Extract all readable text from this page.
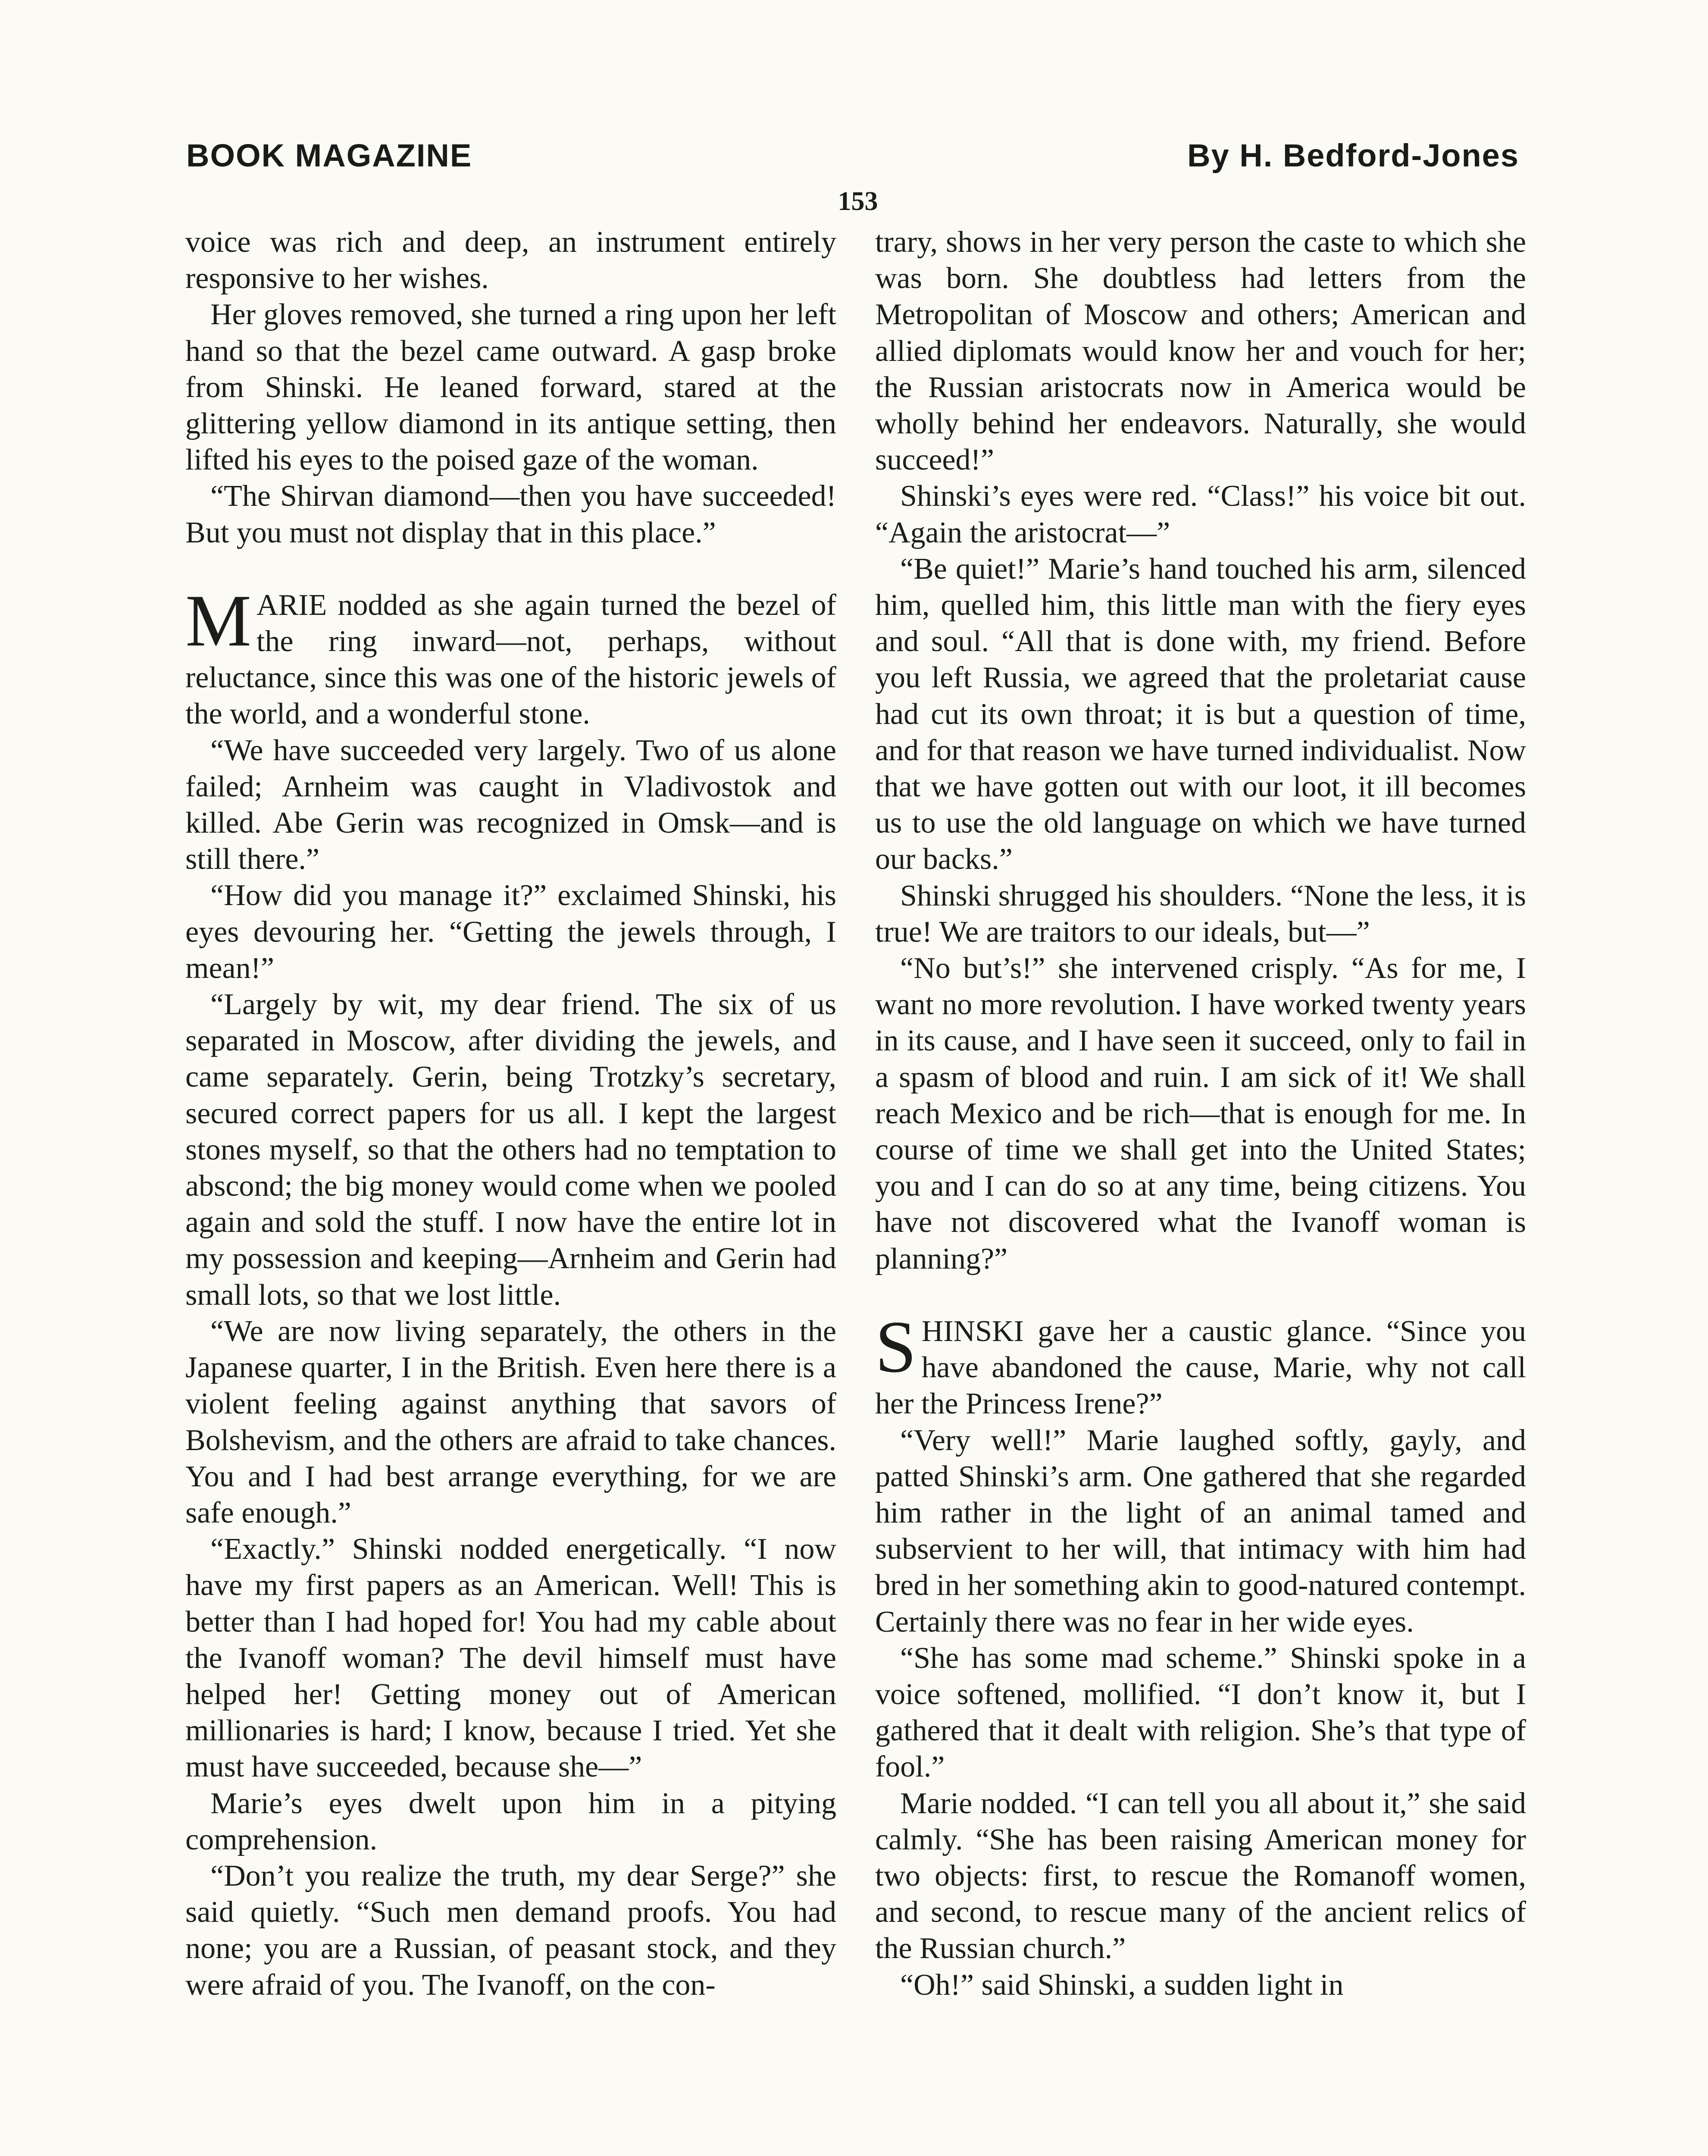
BOOK MAGAZINE	By H. Bedford-Jones
153

voice was rich and deep, an instrument entirely responsive to her wishes.

Her gloves removed, she turned a ring upon her left hand so that the bezel came outward. A gasp broke from Shinski. He leaned forward, stared at the glittering yellow diamond in its antique setting, then lifted his eyes to the poised gaze of the woman.

“The Shirvan diamond—then you have succeeded! But you must not display that in this place.”

MARIE nodded as she again turned the bezel of the ring inward—not, perhaps, without reluctance, since this was one of the historic jewels of the world, and a wonderful stone.

“We have succeeded very largely. Two of us alone failed; Arnheim was caught in Vladivostok and killed. Abe Gerin was recognized in Omsk—and is still there.”

“How did you manage it?” exclaimed Shinski, his eyes devouring her. “Getting the jewels through, I mean!”

“Largely by wit, my dear friend. The six of us separated in Moscow, after dividing the jewels, and came separately. Gerin, being Trotzky’s secretary, secured correct papers for us all. I kept the largest stones myself, so that the others had no temptation to abscond; the big money would come when we pooled again and sold the stuff. I now have the entire lot in my possession and keeping—Arnheim and Gerin had small lots, so that we lost little.

“We are now living separately, the others in the Japanese quarter, I in the British. Even here there is a violent feeling against anything that savors of Bolshevism, and the others are afraid to take chances. You and I had best arrange everything, for we are safe enough.”

“Exactly.” Shinski nodded energetically. “I now have my first papers as an American. Well! This is better than I had hoped for! You had my cable about the Ivanoff woman? The devil himself must have helped her! Getting money out of American millionaries is hard; I know, because I tried. Yet she must have succeeded, because she—”

Marie’s eyes dwelt upon him in a pitying comprehension.

“Don’t you realize the truth, my dear Serge?” she said quietly. “Such men demand proofs. You had none; you are a Russian, of peasant stock, and they were afraid of you. The Ivanoff, on the con-

trary, shows in her very person the caste to which she was born. She doubtless had letters from the Metropolitan of Moscow and others; American and allied diplomats would know her and vouch for her; the Russian aristocrats now in America would be wholly behind her endeavors. Naturally, she would succeed!”

Shinski’s eyes were red. “Class!” his voice bit out. “Again the aristocrat—”

“Be quiet!” Marie’s hand touched his arm, silenced him, quelled him, this little man with the fiery eyes and soul. “All that is done with, my friend. Before you left Russia, we agreed that the proletariat cause had cut its own throat; it is but a question of time, and for that reason we have turned individualist. Now that we have gotten out with our loot, it ill becomes us to use the old language on which we have turned our backs.”

Shinski shrugged his shoulders. “None the less, it is true! We are traitors to our ideals, but—”

“No but’s!” she intervened crisply. “As for me, I want no more revolution. I have worked twenty years in its cause, and I have seen it succeed, only to fail in a spasm of blood and ruin. I am sick of it! We shall reach Mexico and be rich—that is enough for me. In course of time we shall get into the United States; you and I can do so at any time, being citizens. You have not discovered what the Ivanoff woman is planning?”

SHINSKI gave her a caustic glance. “Since you have abandoned the cause, Marie, why not call her the Princess Irene?”

“Very well!” Marie laughed softly, gayly, and patted Shinski’s arm. One gathered that she regarded him rather in the light of an animal tamed and subservient to her will, that intimacy with him had bred in her something akin to good-natured contempt. Certainly there was no fear in her wide eyes.

“She has some mad scheme.” Shinski spoke in a voice softened, mollified. “I don’t know it, but I gathered that it dealt with religion. She’s that type of fool.”

Marie nodded. “I can tell you all about it,” she said calmly. “She has been raising American money for two objects: first, to rescue the Romanoff women, and second, to rescue many of the ancient relics of the Russian church.”

“Oh!” said Shinski, a sudden light in
